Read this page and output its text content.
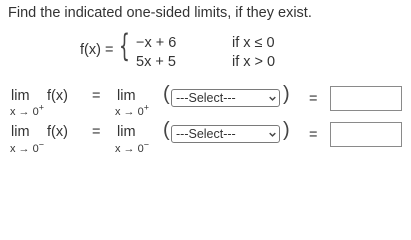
Find the indicated one-sided limits, if they exist.
f(x) = { −x + 6	if x ≤ 0
5x + 5	if x > 0
lim
x → 0+
f(x) = lim
x → 0+
( ---Select--- ) =
lim
x → 0−
f(x) = lim
x → 0−
( ---Select--- ) =
